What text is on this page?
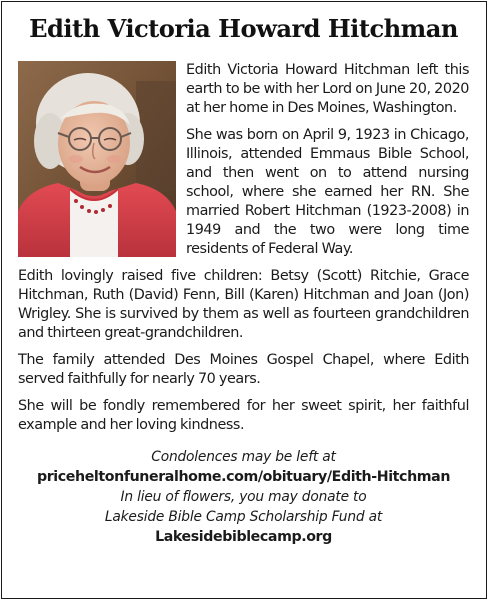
Edith Victoria Howard Hitchman

Edith Victoria Howard Hitchman left this earth to be with her Lord on June 20, 2020 at her home in Des Moines, Washington.

She was born on April 9, 1923 in Chicago, Illinois, attended Emmaus Bible School, and then went on to attend nursing school, where she earned her RN. She married Robert Hitchman (1923-2008) in 1949 and the two were long time residents of Federal Way.

Edith lovingly raised five children: Betsy (Scott) Ritchie, Grace Hitchman, Ruth (David) Fenn, Bill (Karen) Hitchman and Joan (Jon) Wrigley. She is survived by them as well as fourteen grandchildren and thirteen great-grandchildren.

The family attended Des Moines Gospel Chapel, where Edith served faithfully for nearly 70 years.

She will be fondly remembered for her sweet spirit, her faithful example and her loving kindness.

Condolences may be left at
priceheltonfuneralhome.com/obituary/Edith-Hitchman
In lieu of flowers, you may donate to
Lakeside Bible Camp Scholarship Fund at
Lakesidebiblecamp.org
